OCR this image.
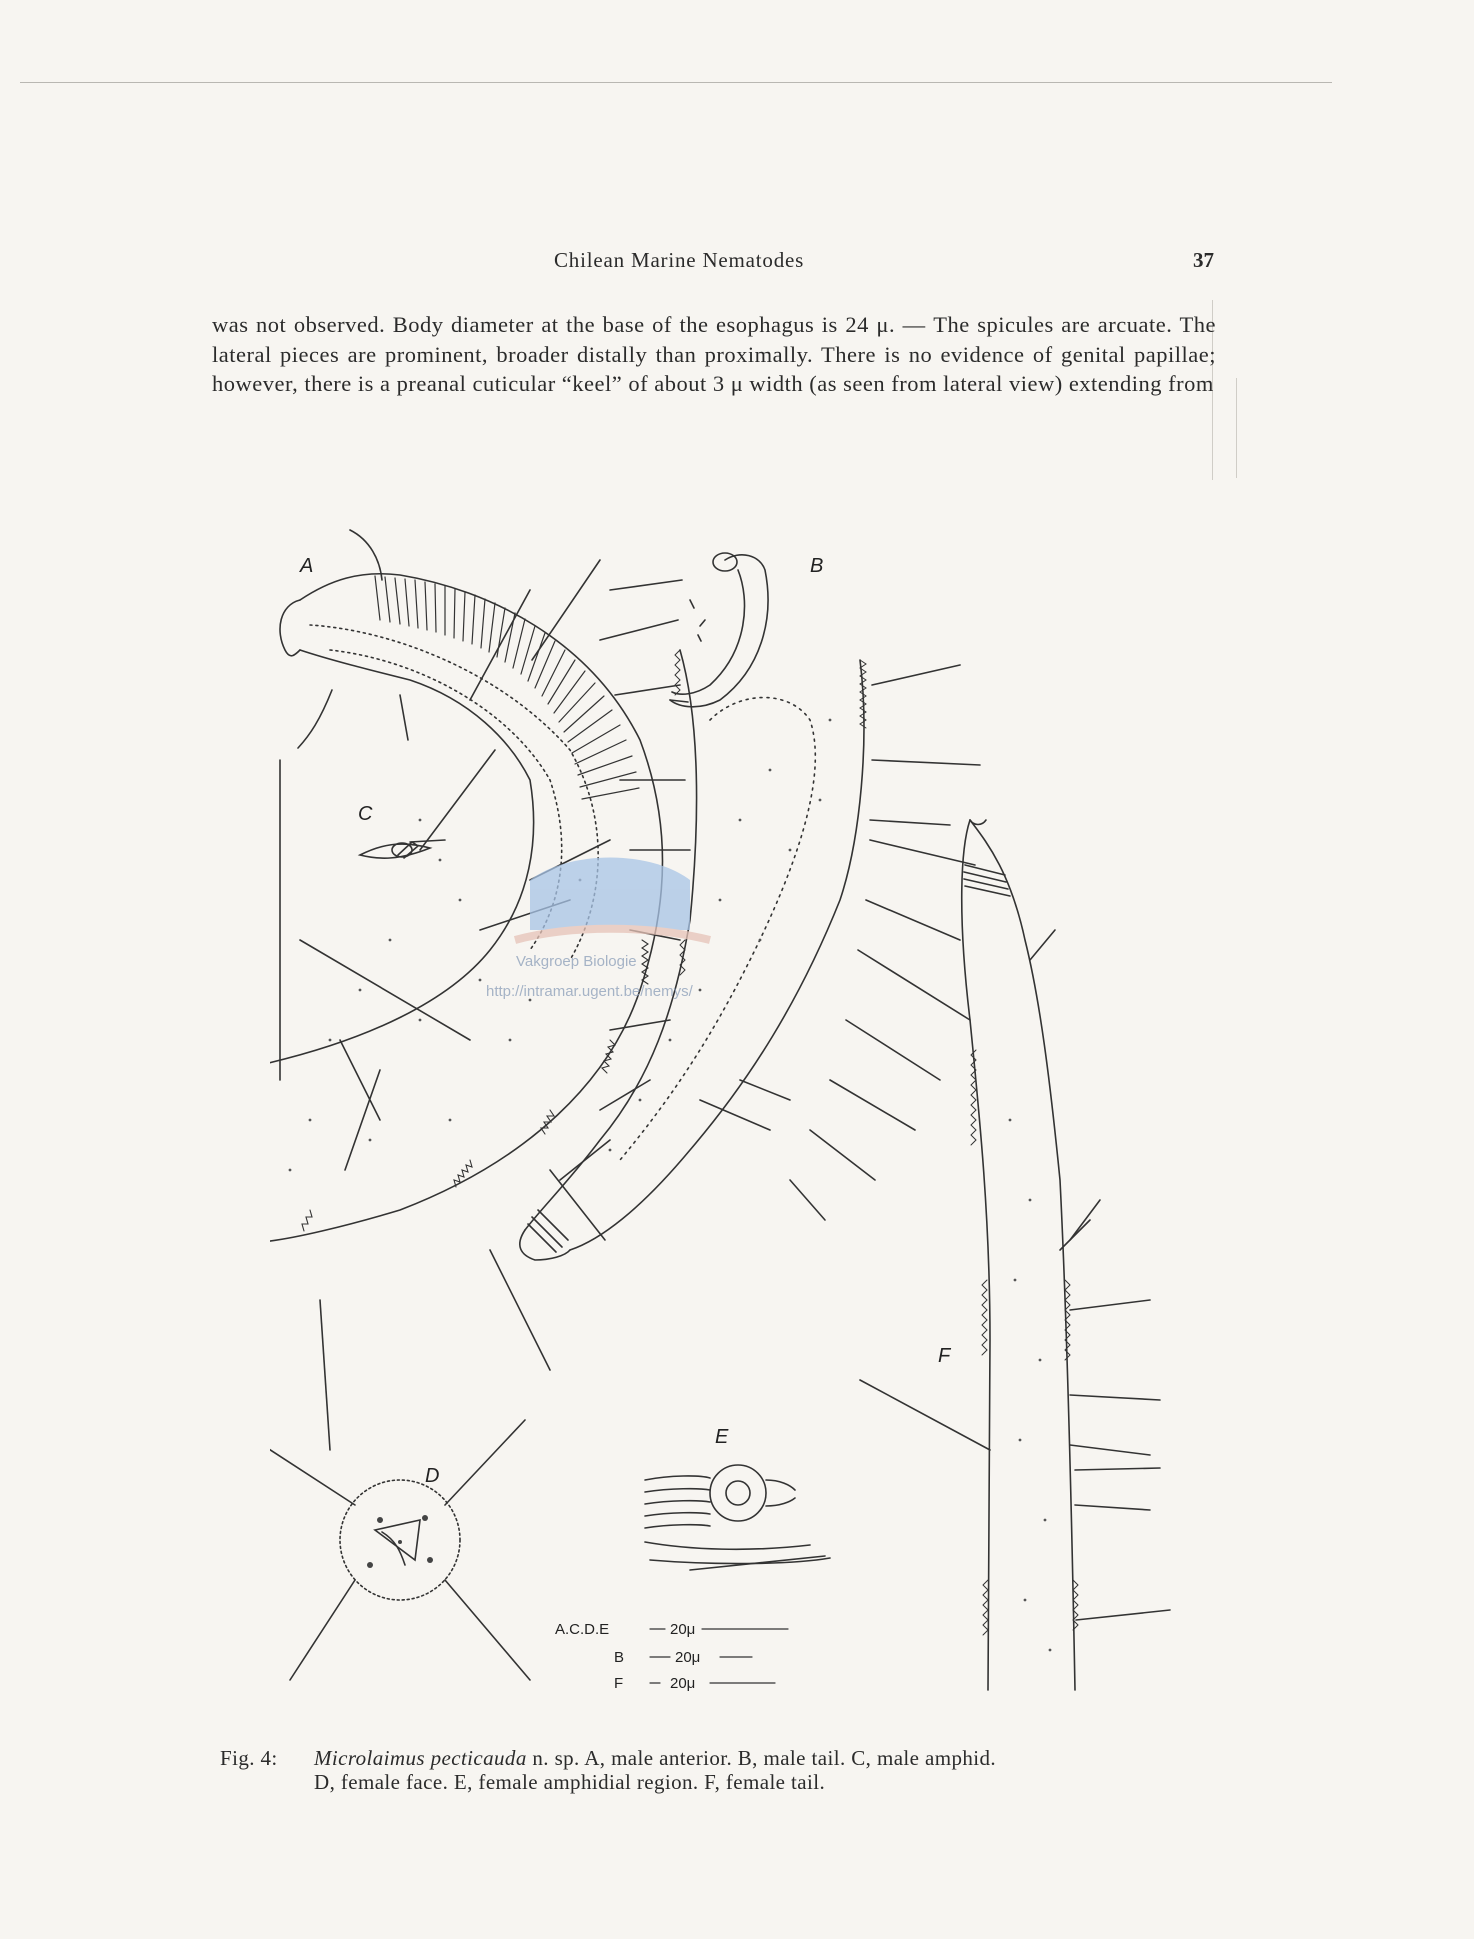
Chilean Marine Nematodes	37

was not observed. Body diameter at the base of the esophagus is 24 μ. — The spicules are arcuate. The lateral pieces are prominent, broader distally than proximally. There is no evidence of genital papillae; however, there is a preanal cuticular “keel” of about 3 μ width (as seen from lateral view) extending from

Vakgroep Biologie
http://intramar.ugent.be/nemys/
A	B
C
D
E
F
A.C.D.E	20μ
B	20μ
F	20μ
Fig. 4: Microlaimus pecticauda n. sp. A, male anterior. B, male tail. C, male amphid.
D, female face. E, female amphidial region. F, female tail.
